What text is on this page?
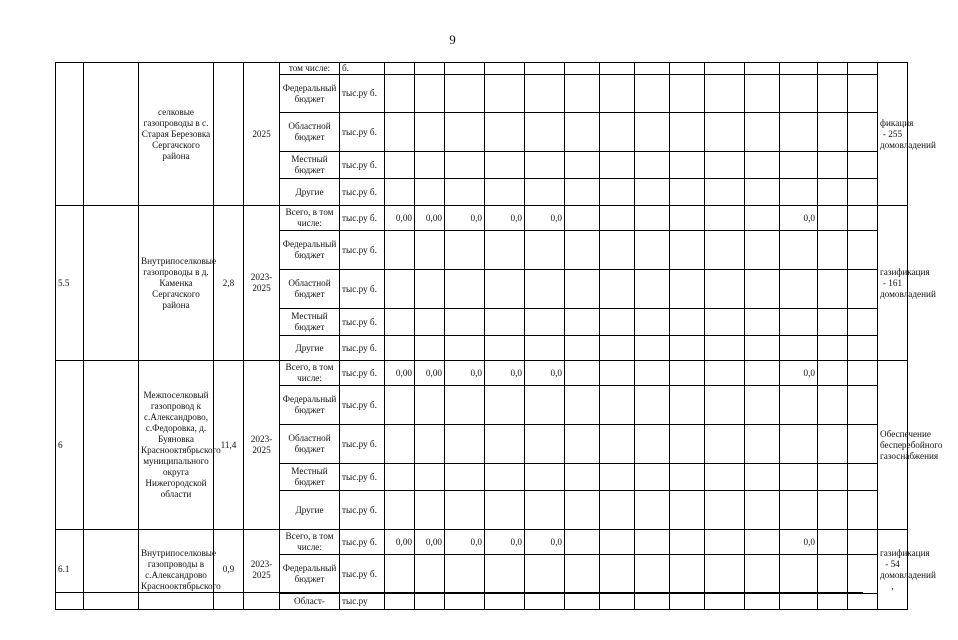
9
		селковые газопроводы в с. Старая Березовка Сергачского района		2025	том числе:	б.															фикация - 255 домовладений
					Федеральный бюджет	тыс.ру б.															
					Областной бюджет	тыс.ру б.															
					Местный бюджет	тыс.ру б.															
					Другие	тыс.ру б.															
5.5		Внутрипоселковые газопроводы в д. Каменка Сергачского района	2,8	2023-2025	Всего, в том числе:	тыс.ру б.	0,00	0,00	0,0	0,0	0,0							0,0			газификация - 161 домовладений
					Федеральный бюджет	тыс.ру б.															
					Областной бюджет	тыс.ру б.															
					Местный бюджет	тыс.ру б.															
					Другие	тыс.ру б.															
6		Межпоселковый газопровод к с.Александрово, с.Федоровка, д. Буяновка Краснооктябрьского муниципального округа Нижегородской области	11,4	2023-2025	Всего, в том числе:	тыс.ру б.	0,00	0,00	0,0	0,0	0,0							0,0			Обеспечение бесперебойного газоснабжения
					Федеральный бюджет	тыс.ру б.															
					Областной бюджет	тыс.ру б.															
					Местный бюджет	тыс.ру б.															
					Другие	тыс.ру б.															
6.1		Внутрипоселковые газопроводы в с.Александрово Краснооктябрьского	0,9	2023-2025	Всего, в том числе:	тыс.ру б.	0,00	0,00	0,0	0,0	0,0							0,0			газификация - 54 домовладений ,
					Федеральный бюджет	тыс.ру б.															
					Област-	тыс.ру															
